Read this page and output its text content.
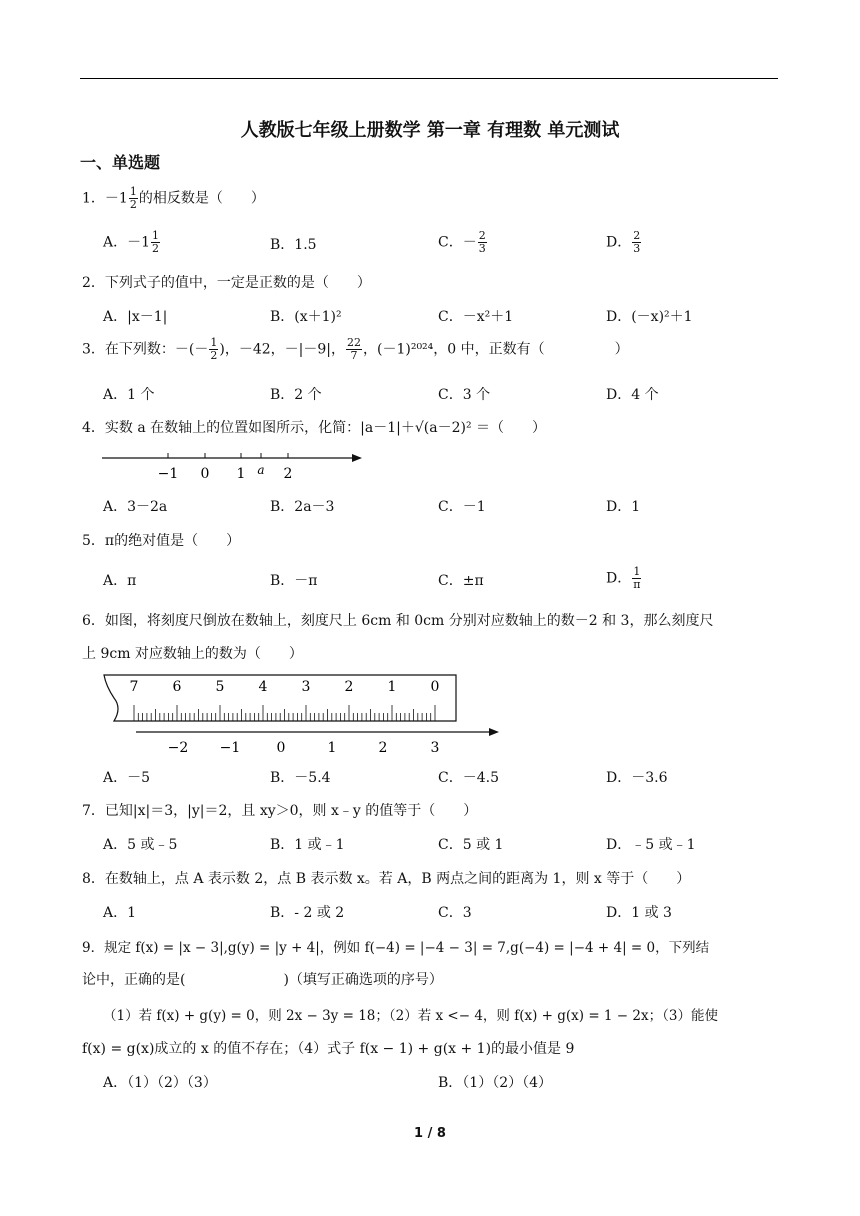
人教版七年级上册数学 第一章 有理数 单元测试
一、单选题
1．$-1 \frac{1}{2}$ 的相反数是（　　）
A．$-1 \frac{1}{2}$	B．1.5	C．－ $\frac{2}{3}$	D． $\frac{2}{3}$
2．下列式子的值中，一定是正数的是（　　）
A．|x－1|	B．(x＋1)²	C．－x²＋1	D．(－x)²＋1
3．在下列数：－(－ $\frac{1}{2}$ )，－42，－|－9|， $\frac{22}{7}$ ，(－1)²⁰²⁴，0 中，正数有（　　　　　）
A．1 个	B．2 个	C．3 个	D．4 个
4．实数 a 在数轴上的位置如图所示，化简：|a－1|＋√(a－2)² ＝（　　）
−1 0 1 a 2
A．3－2a	B．2a－3	C．－1	D．1
5．π的绝对值是（　　）
A．π	B．－π	C．±π	D． $\frac{1}{\pi}$
6．如图，将刻度尺倒放在数轴上，刻度尺上 6cm 和 0cm 分别对应数轴上的数－2 和 3，那么刻度尺
上 9cm 对应数轴上的数为（　　）
7 6 5 4 3 2 1 0
−2 −1	0	1	2	3
A．－5	B．－5.4	C．－4.5	D．－3.6
7．已知|x|＝3，|y|＝2，且 xy＞0，则 x﹣y 的值等于（　　）
A．5 或﹣5	B．1 或﹣1	C．5 或 1	D．﹣5 或﹣1
8．在数轴上，点 A 表示数 2，点 B 表示数 x。若 A，B 两点之间的距离为 1，则 x 等于（　　）
A．1	B．- 2 或 2	C．3	D．1 或 3
9．规定 f(x) = |x − 3|,g(y) = |y + 4|，例如 f(−4) = |−4 − 3| = 7,g(−4) = |−4 + 4| = 0，下列结
论中，正确的是(　　　　　　　)（填写正确选项的序号）
（1）若 f(x) + g(y) = 0，则 2x − 3y = 18；（2）若 x <− 4，则 f(x) + g(x) = 1 − 2x；（3）能使
f(x) = g(x)成立的 x 的值不存在；（4）式子 f(x − 1) + g(x + 1)的最小值是 9
A．（1）（2）（3）	B．（1）（2）（4）
1 / 8
